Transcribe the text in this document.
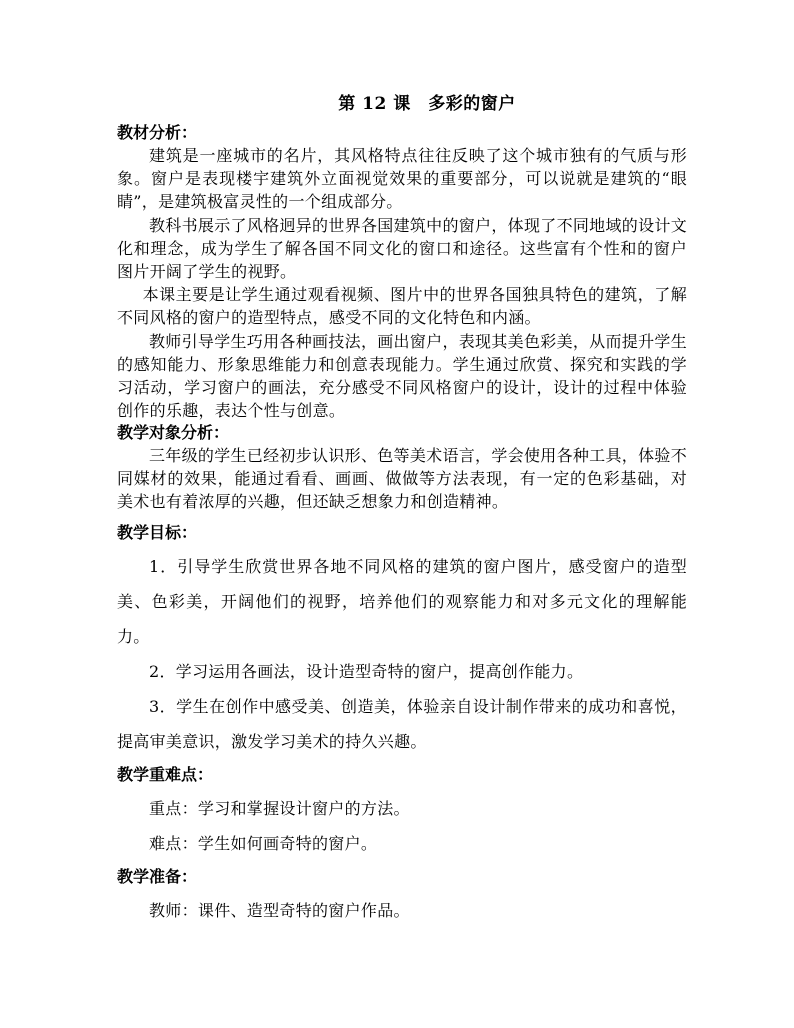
第 12 课　多彩的窗户

教材分析：

建筑是一座城市的名片，其风格特点往往反映了这个城市独有的气质与形象。窗户是表现楼宇建筑外立面视觉效果的重要部分，可以说就是建筑的“眼睛”，是建筑极富灵性的一个组成部分。

教科书展示了风格迥异的世界各国建筑中的窗户，体现了不同地域的设计文化和理念，成为学生了解各国不同文化的窗口和途径。这些富有个性和的窗户图片开阔了学生的视野。

本课主要是让学生通过观看视频、图片中的世界各国独具特色的建筑，了解不同风格的窗户的造型特点，感受不同的文化特色和内涵。

教师引导学生巧用各种画技法，画出窗户，表现其美色彩美，从而提升学生的感知能力、形象思维能力和创意表现能力。学生通过欣赏、探究和实践的学习活动，学习窗户的画法，充分感受不同风格窗户的设计，设计的过程中体验创作的乐趣，表达个性与创意。

教学对象分析：

三年级的学生已经初步认识形、色等美术语言，学会使用各种工具，体验不同媒材的效果，能通过看看、画画、做做等方法表现，有一定的色彩基础，对美术也有着浓厚的兴趣，但还缺乏想象力和创造精神。

教学目标：

1．引导学生欣赏世界各地不同风格的建筑的窗户图片，感受窗户的造型美、色彩美，开阔他们的视野，培养他们的观察能力和对多元文化的理解能力。

2．学习运用各画法，设计造型奇特的窗户，提高创作能力。

3．学生在创作中感受美、创造美，体验亲自设计制作带来的成功和喜悦，提高审美意识，激发学习美术的持久兴趣。

教学重难点：

重点：学习和掌握设计窗户的方法。

难点：学生如何画奇特的窗户。

教学准备：

教师：课件、造型奇特的窗户作品。
